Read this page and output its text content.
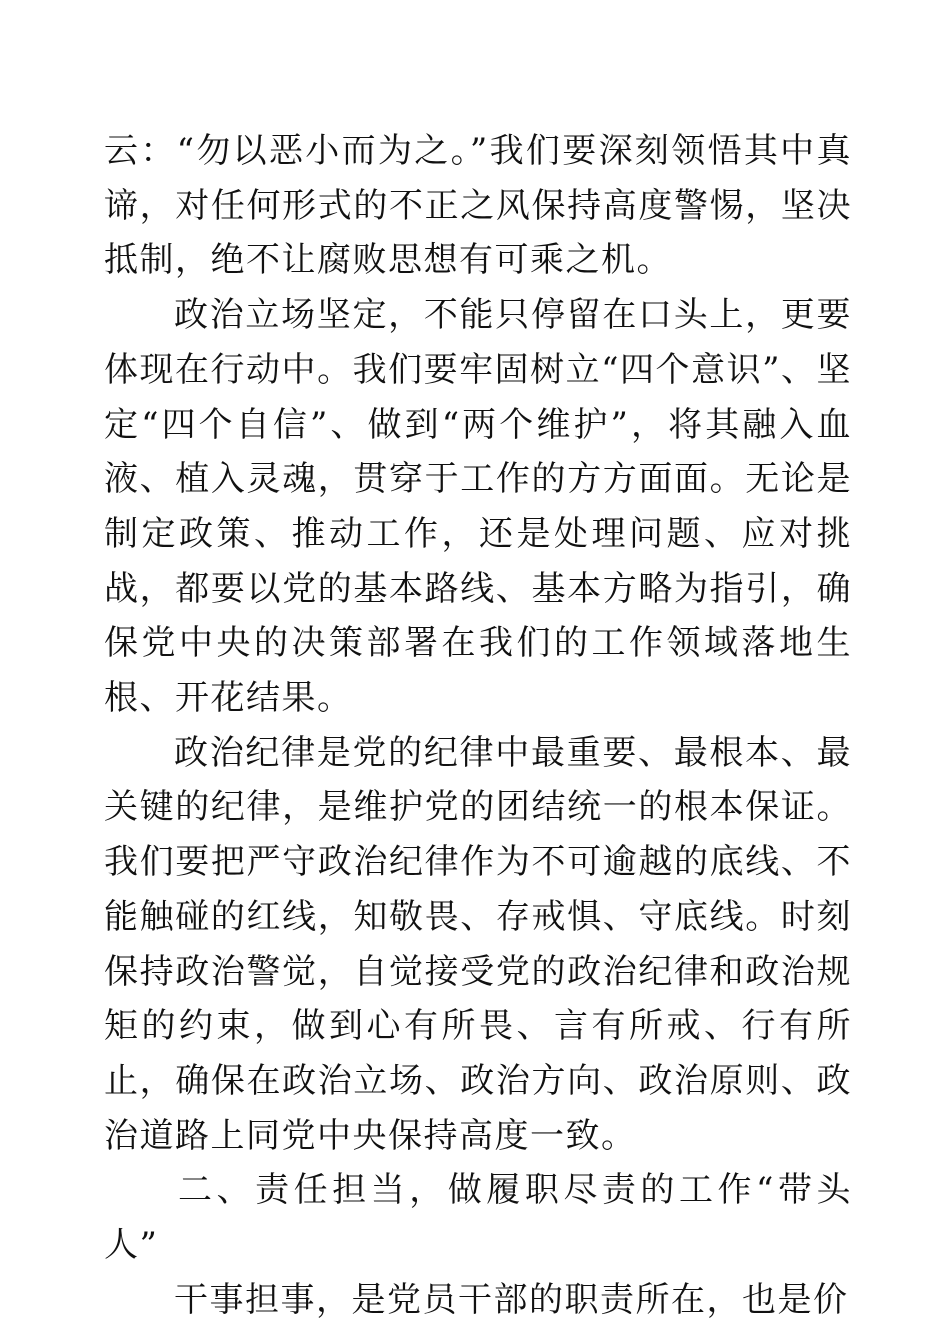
云：“勿以恶小而为之。”我们要深刻领悟其中真谛，对任何形式的不正之风保持高度警惕，坚决抵制，绝不让腐败思想有可乘之机。

政治立场坚定，不能只停留在口头上，更要体现在行动中。我们要牢固树立“四个意识”、坚定“四个自信”、做到“两个维护”，将其融入血液、植入灵魂，贯穿于工作的方方面面。无论是制定政策、推动工作，还是处理问题、应对挑战，都要以党的基本路线、基本方略为指引，确保党中央的决策部署在我们的工作领域落地生根、开花结果。

政治纪律是党的纪律中最重要、最根本、最关键的纪律，是维护党的团结统一的根本保证。我们要把严守政治纪律作为不可逾越的底线、不能触碰的红线，知敬畏、存戒惧、守底线。时刻保持政治警觉，自觉接受党的政治纪律和政治规矩的约束，做到心有所畏、言有所戒、行有所止，确保在政治立场、政治方向、政治原则、政治道路上同党中央保持高度一致。

二、责任担当，做履职尽责的工作“带头人”

干事担事，是党员干部的职责所在，也是价
